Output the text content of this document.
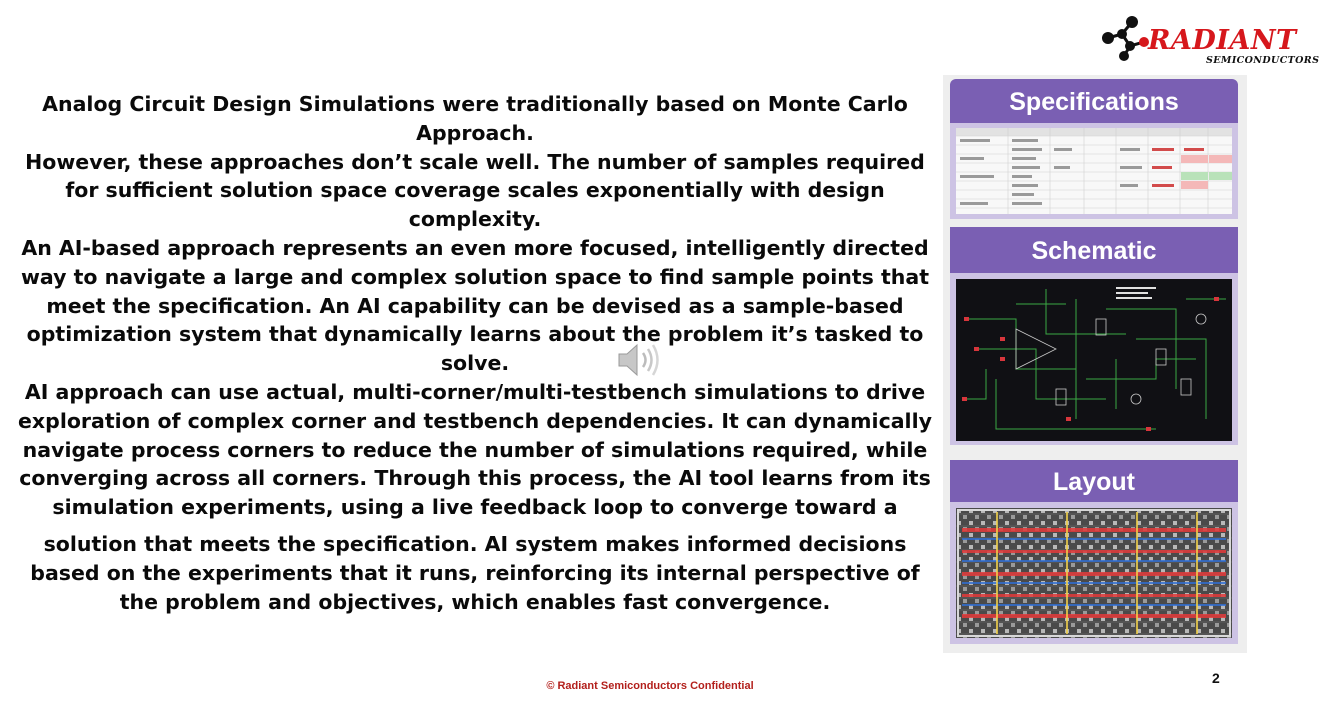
RADIANT
SEMICONDUCTORS

Analog Circuit Design Simulations were traditionally based on Monte Carlo
Approach.

However, these approaches don’t scale well. The number of samples required for sufficient solution space coverage scales exponentially with design complexity.

An AI-based approach represents an even more focused, intelligently directed way to navigate a large and complex solution space to find sample points that meet the specification. An AI capability can be devised as a sample-based optimization system that dynamically learns about the problem it’s tasked to solve.

AI approach can use actual, multi-corner/multi-testbench simulations to drive exploration of complex corner and testbench dependencies. It can dynamically navigate process corners to reduce the number of simulations required, while converging across all corners. Through this process, the AI tool learns from its simulation experiments, using a live feedback loop to converge toward a

solution that meets the specification. AI system makes informed decisions based on the experiments that it runs, reinforcing its internal perspective of the problem and objectives, which enables fast convergence.

Specifications
Schematic
Layout
© Radiant Semiconductors Confidential	2
